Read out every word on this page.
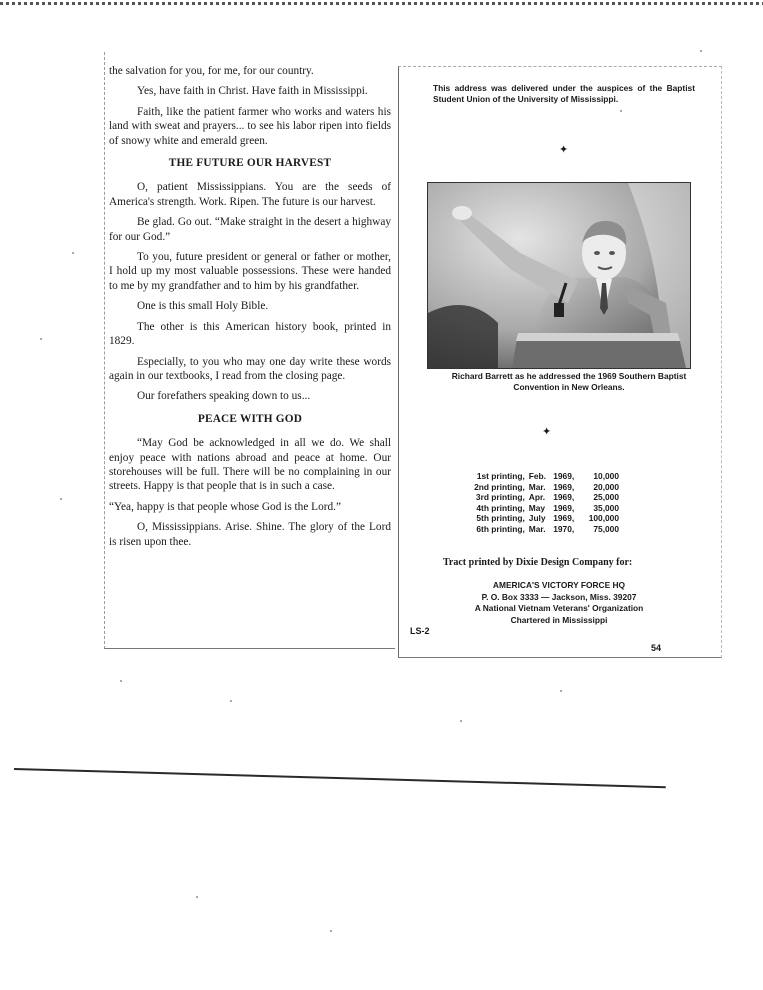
the salvation for you, for me, for our country.

Yes, have faith in Christ. Have faith in Mississippi.

Faith, like the patient farmer who works and waters his land with sweat and prayers... to see his labor ripen into fields of snowy white and emerald green.

THE FUTURE OUR HARVEST

O, patient Mississippians. You are the seeds of America's strength. Work. Ripen. The future is our harvest.

Be glad. Go out. “Make straight in the desert a highway for our God.”

To you, future president or general or father or mother, I hold up my most valuable possessions. These were handed to me by my grandfather and to him by his grandfather.

One is this small Holy Bible.

The other is this American history book, printed in 1829.

Especially, to you who may one day write these words again in our textbooks, I read from the closing page.

Our forefathers speaking down to us...

PEACE WITH GOD

“May God be acknowledged in all we do. We shall enjoy peace with nations abroad and peace at home. Our storehouses will be full. There will be no complaining in our streets. Happy is that people that is in such a case.

“Yea, happy is that people whose God is the Lord.”

O, Mississippians. Arise. Shine. The glory of the Lord is risen upon thee.

This address was delivered under the auspices of the Baptist Student Union of the University of Mississippi.
✦
Richard Barrett as he addressed the 1969 Southern Baptist Convention in New Orleans.
✦
1st printing, Feb. 1969,	10,000
2nd printing, Mar. 1969,	20,000
3rd printing, Apr. 1969,	25,000
4th printing, May 1969,	35,000
5th printing, July 1969,	100,000
6th printing, Mar. 1970,	75,000
Tract printed by Dixie Design Company for:
AMERICA'S VICTORY FORCE HQ
P. O. Box 3333 — Jackson, Miss. 39207
A National Vietnam Veterans' Organization
Chartered in Mississippi
54
LS-2
